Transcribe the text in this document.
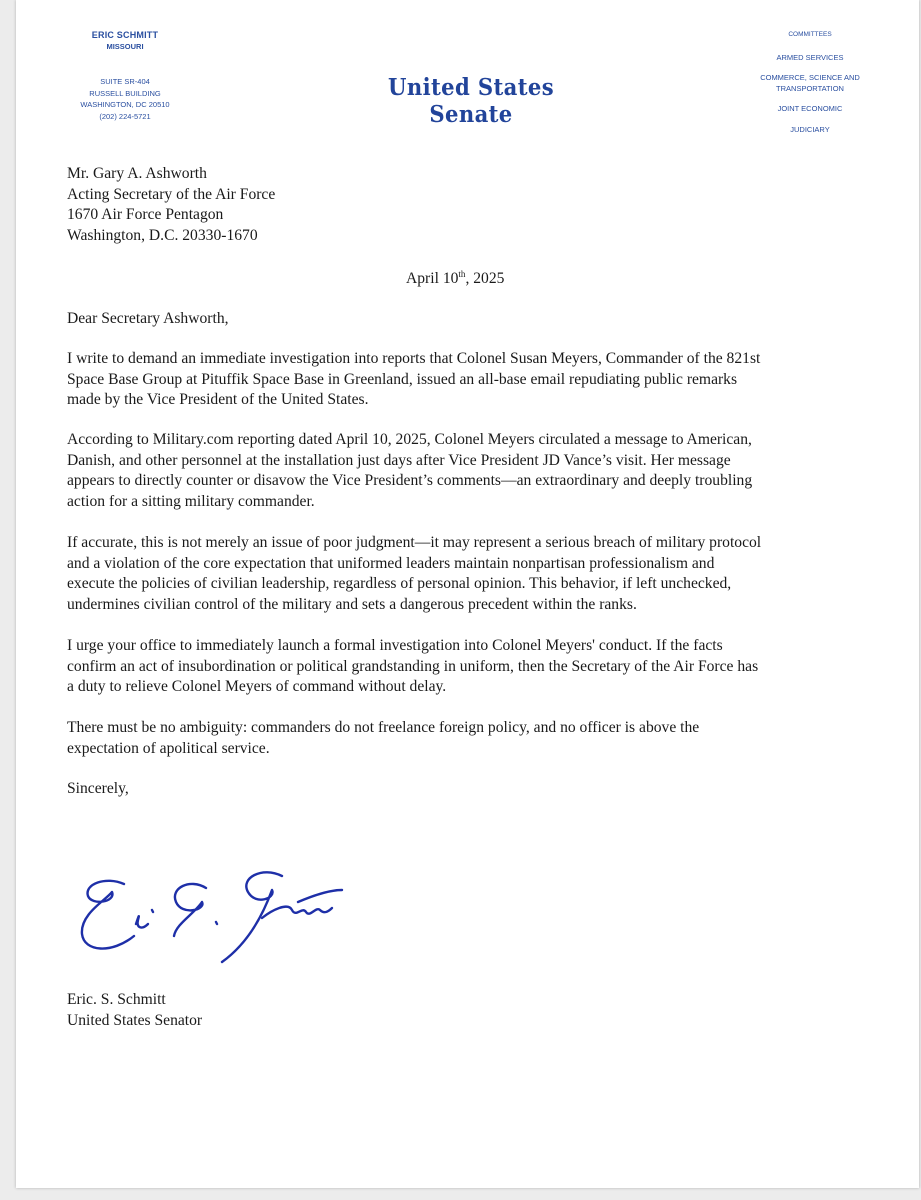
ERIC SCHMITT
MISSOURI
SUITE SR-404
RUSSELL BUILDING
WASHINGTON, DC 20510
(202) 224-5721
United States Senate
COMMITTEES
ARMED SERVICES
COMMERCE, SCIENCE AND TRANSPORTATION
JOINT ECONOMIC
JUDICIARY
Mr. Gary A. Ashworth
Acting Secretary of the Air Force
1670 Air Force Pentagon
Washington, D.C. 20330-1670
April 10th, 2025
Dear Secretary Ashworth,
I write to demand an immediate investigation into reports that Colonel Susan Meyers, Commander of the 821st
Space Base Group at Pituffik Space Base in Greenland, issued an all-base email repudiating public remarks
made by the Vice President of the United States.
According to Military.com reporting dated April 10, 2025, Colonel Meyers circulated a message to American,
Danish, and other personnel at the installation just days after Vice President JD Vance’s visit. Her message
appears to directly counter or disavow the Vice President’s comments—an extraordinary and deeply troubling
action for a sitting military commander.
If accurate, this is not merely an issue of poor judgment—it may represent a serious breach of military protocol
and a violation of the core expectation that uniformed leaders maintain nonpartisan professionalism and
execute the policies of civilian leadership, regardless of personal opinion. This behavior, if left unchecked,
undermines civilian control of the military and sets a dangerous precedent within the ranks.
I urge your office to immediately launch a formal investigation into Colonel Meyers' conduct. If the facts
confirm an act of insubordination or political grandstanding in uniform, then the Secretary of the Air Force has
a duty to relieve Colonel Meyers of command without delay.
There must be no ambiguity: commanders do not freelance foreign policy, and no officer is above the
expectation of apolitical service.
Sincerely,
Eric. S. Schmitt
United States Senator
